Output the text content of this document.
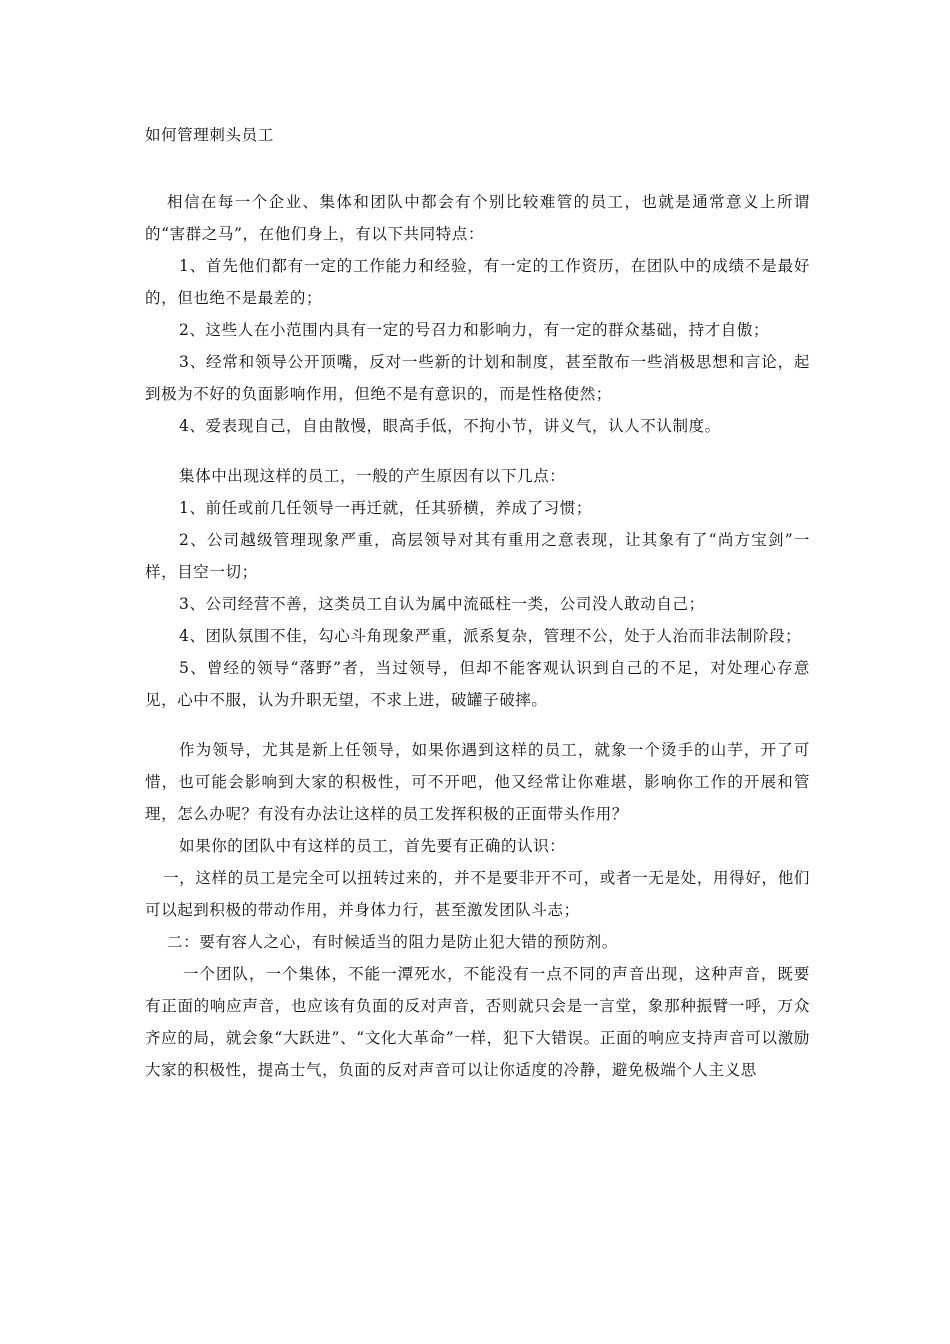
如何管理刺头员工

相信在每一个企业、集体和团队中都会有个别比较难管的员工，也就是通常意义上所谓的“害群之马”，在他们身上，有以下共同特点：

1、首先他们都有一定的工作能力和经验，有一定的工作资历，在团队中的成绩不是最好的，但也绝不是最差的；

2、这些人在小范围内具有一定的号召力和影响力，有一定的群众基础，持才自傲；

3、经常和领导公开顶嘴，反对一些新的计划和制度，甚至散布一些消极思想和言论，起到极为不好的负面影响作用，但绝不是有意识的，而是性格使然；

4、爱表现自己，自由散慢，眼高手低，不拘小节，讲义气，认人不认制度。

集体中出现这样的员工，一般的产生原因有以下几点：

1、前任或前几任领导一再迁就，任其骄横，养成了习惯；

2、公司越级管理现象严重，高层领导对其有重用之意表现，让其象有了“尚方宝剑”一样，目空一切；

3、公司经营不善，这类员工自认为属中流砥柱一类，公司没人敢动自己；

4、团队氛围不佳，勾心斗角现象严重，派系复杂，管理不公，处于人治而非法制阶段；

5、曾经的领导“落野”者，当过领导，但却不能客观认识到自己的不足，对处理心存意见，心中不服，认为升职无望，不求上进，破罐子破摔。

作为领导，尤其是新上任领导，如果你遇到这样的员工，就象一个烫手的山芋，开了可惜，也可能会影响到大家的积极性，可不开吧，他又经常让你难堪，影响你工作的开展和管理，怎么办呢？有没有办法让这样的员工发挥积极的正面带头作用？

如果你的团队中有这样的员工，首先要有正确的认识：

一，这样的员工是完全可以扭转过来的，并不是要非开不可，或者一无是处，用得好，他们可以起到积极的带动作用，并身体力行，甚至激发团队斗志；

二：要有容人之心，有时候适当的阻力是防止犯大错的预防剂。

一个团队，一个集体，不能一潭死水，不能没有一点不同的声音出现，这种声音，既要有正面的响应声音，也应该有负面的反对声音，否则就只会是一言堂，象那种振臂一呼，万众齐应的局，就会象“大跃进”、“文化大革命”一样，犯下大错误。正面的响应支持声音可以激励大家的积极性，提高士气，负面的反对声音可以让你适度的冷静，避免极端个人主义思
